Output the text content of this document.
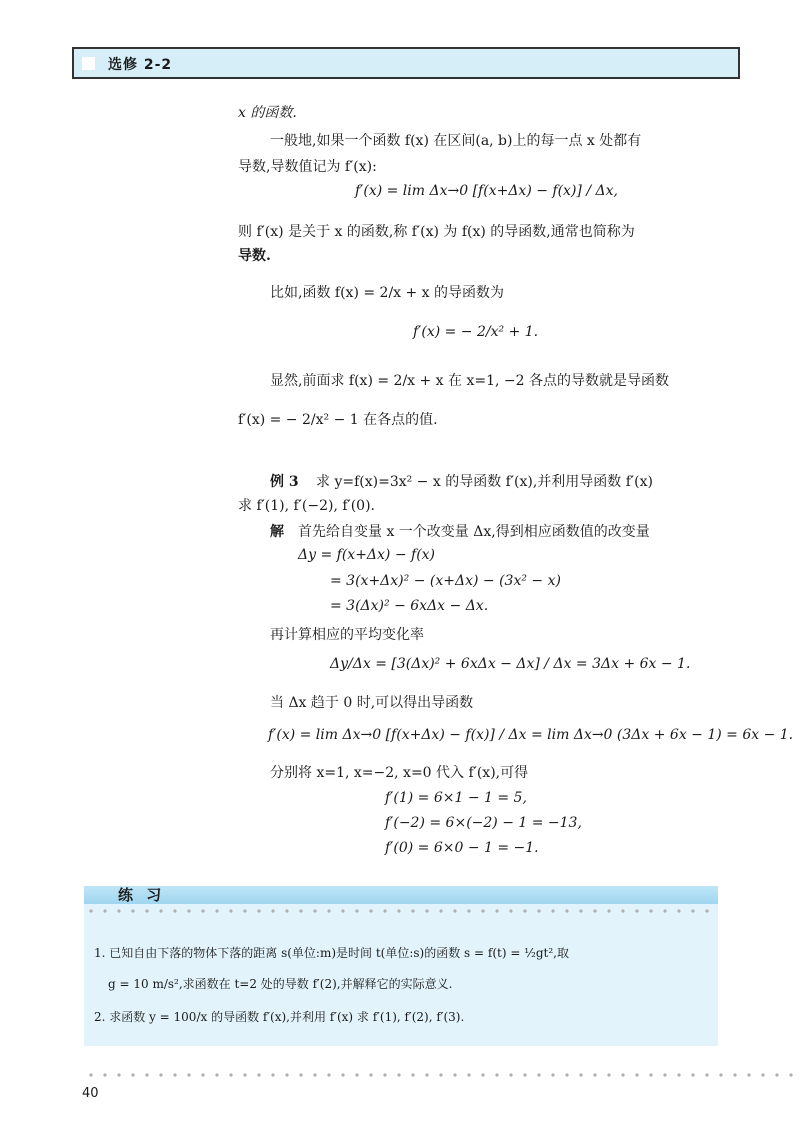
选修 2-2
x 的函数.
一般地,如果一个函数 f(x) 在区间(a, b)上的每一点 x 处都有
导数,导数值记为 f′(x):
f′(x) = lim Δx→0 [f(x+Δx) − f(x)] / Δx,
则 f′(x) 是关于 x 的函数,称 f′(x) 为 f(x) 的导函数,通常也简称为
导数.
比如,函数 f(x) = 2/x + x 的导函数为
f′(x) = − 2/x² + 1.
显然,前面求 f(x) = 2/x + x 在 x=1, −2 各点的导数就是导函数
f′(x) = − 2/x² − 1 在各点的值.
例 3 求 y=f(x)=3x² − x 的导函数 f′(x),并利用导函数 f′(x)
求 f′(1), f′(−2), f′(0).
解 首先给自变量 x 一个改变量 Δx,得到相应函数值的改变量
Δy = f(x+Δx) − f(x)
= 3(x+Δx)² − (x+Δx) − (3x² − x)
= 3(Δx)² − 6xΔx − Δx.
再计算相应的平均变化率
Δy/Δx = [3(Δx)² + 6xΔx − Δx] / Δx = 3Δx + 6x − 1.
当 Δx 趋于 0 时,可以得出导函数
f′(x) = lim Δx→0 [f(x+Δx) − f(x)] / Δx = lim Δx→0 (3Δx + 6x − 1) = 6x − 1.
分别将 x=1, x=−2, x=0 代入 f′(x),可得
f′(1) = 6×1 − 1 = 5,
f′(−2) = 6×(−2) − 1 = −13,
f′(0) = 6×0 − 1 = −1.
练 习
1. 已知自由下落的物体下落的距离 s(单位:m)是时间 t(单位:s)的函数 s = f(t) = ½gt²,取
g = 10 m/s²,求函数在 t=2 处的导数 f′(2),并解释它的实际意义.
2. 求函数 y = 100/x 的导函数 f′(x),并利用 f′(x) 求 f′(1), f′(2), f′(3).
40
